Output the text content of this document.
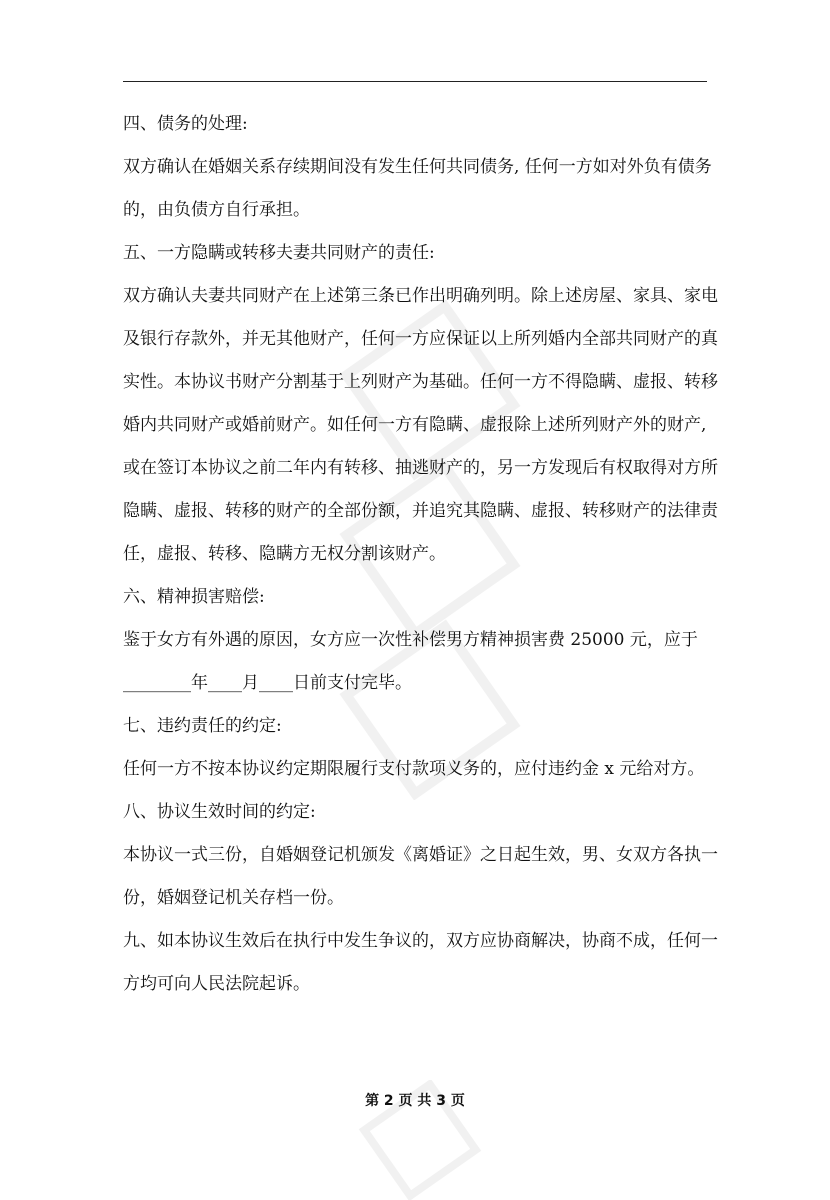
四、债务的处理:
双方确认在婚姻关系存续期间没有发生任何共同债务, 任何一方如对外负有债务
的，由负债方自行承担。
五、一方隐瞒或转移夫妻共同财产的责任:
双方确认夫妻共同财产在上述第三条已作出明确列明。除上述房屋、家具、家电
及银行存款外，并无其他财产，任何一方应保证以上所列婚内全部共同财产的真
实性。本协议书财产分割基于上列财产为基础。任何一方不得隐瞒、虚报、转移
婚内共同财产或婚前财产。如任何一方有隐瞒、虚报除上述所列财产外的财产,
或在签订本协议之前二年内有转移、抽逃财产的，另一方发现后有权取得对方所
隐瞒、虚报、转移的财产的全部份额，并追究其隐瞒、虚报、转移财产的法律责
任，虚报、转移、隐瞒方无权分割该财产。
六、精神损害赔偿:
鉴于女方有外遇的原因，女方应一次性补偿男方精神损害费 25000 元，应于
________年____月____日前支付完毕。
七、违约责任的约定:
任何一方不按本协议约定期限履行支付款项义务的，应付违约金 x 元给对方。
八、协议生效时间的约定:
本协议一式三份，自婚姻登记机颁发《离婚证》之日起生效，男、女双方各执一
份，婚姻登记机关存档一份。
九、如本协议生效后在执行中发生争议的，双方应协商解决，协商不成，任何一
方均可向人民法院起诉。
第 2 页 共 3 页
